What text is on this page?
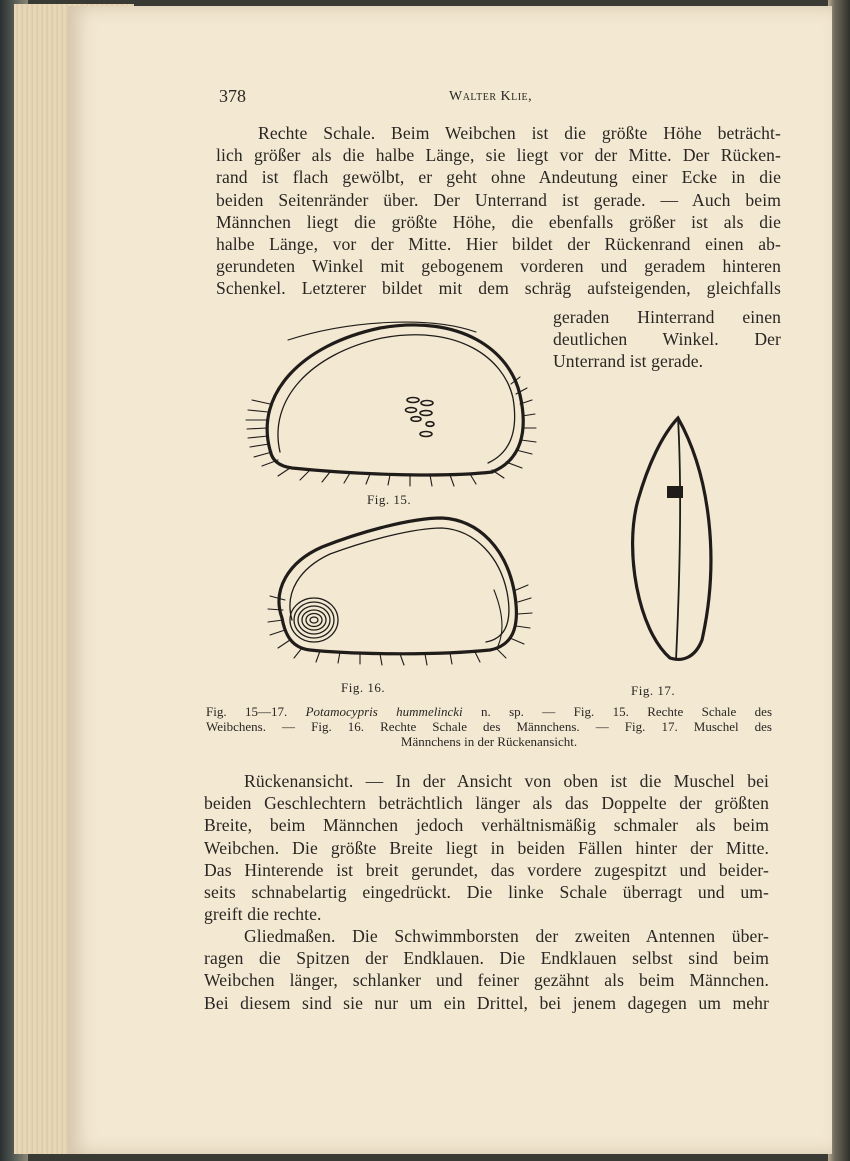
378	Walter Klie,
Rechte Schale. Beim Weibchen ist die größte Höhe beträcht-
lich größer als die halbe Länge, sie liegt vor der Mitte. Der Rücken-
rand ist flach gewölbt, er geht ohne Andeutung einer Ecke in die
beiden Seitenränder über. Der Unterrand ist gerade. — Auch beim
Männchen liegt die größte Höhe, die ebenfalls größer ist als die
halbe Länge, vor der Mitte. Hier bildet der Rückenrand einen ab-
gerundeten Winkel mit gebogenem vorderen und geradem hinteren
Schenkel. Letzterer bildet mit dem schräg aufsteigenden, gleichfalls
geraden Hinterrand einen
deutlichen Winkel. Der
Unterrand ist gerade.
Fig. 15.
Fig. 16.	Fig. 17.
Fig. 15—17. Potamocypris hummelincki n. sp. — Fig. 15. Rechte Schale des
Weibchens. — Fig. 16. Rechte Schale des Männchens. — Fig. 17. Muschel des
Männchens in der Rückenansicht.
Rückenansicht. — In der Ansicht von oben ist die Muschel bei
beiden Geschlechtern beträchtlich länger als das Doppelte der größten
Breite, beim Männchen jedoch verhältnismäßig schmaler als beim
Weibchen. Die größte Breite liegt in beiden Fällen hinter der Mitte.
Das Hinterende ist breit gerundet, das vordere zugespitzt und beider-
seits schnabelartig eingedrückt. Die linke Schale überragt und um-
greift die rechte.
Gliedmaßen. Die Schwimmborsten der zweiten Antennen über-
ragen die Spitzen der Endklauen. Die Endklauen selbst sind beim
Weibchen länger, schlanker und feiner gezähnt als beim Männchen.
Bei diesem sind sie nur um ein Drittel, bei jenem dagegen um mehr
